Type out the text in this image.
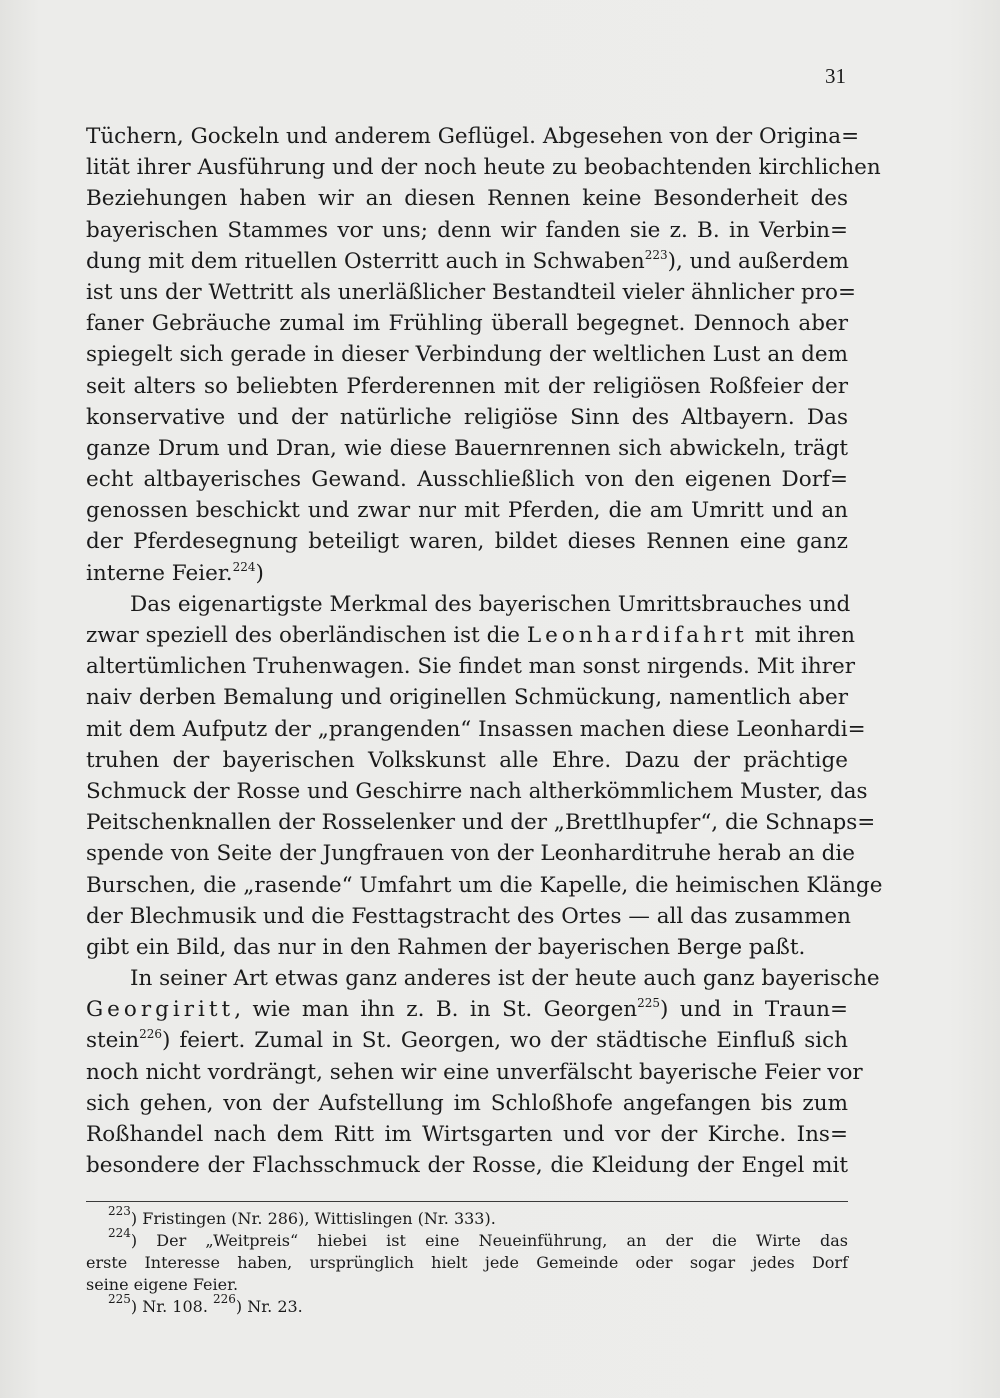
31
Tüchern, Gockeln und anderem Geflügel. Abgesehen von der Origina=
lität ihrer Ausführung und der noch heute zu beobachtenden kirchlichen
Beziehungen haben wir an diesen Rennen keine Besonderheit des
bayerischen Stammes vor uns; denn wir fanden sie z. B. in Verbin=
dung mit dem rituellen Osterritt auch in Schwaben$^{223}$), und außerdem
ist uns der Wettritt als unerläßlicher Bestandteil vieler ähnlicher pro=
faner Gebräuche zumal im Frühling überall begegnet. Dennoch aber
spiegelt sich gerade in dieser Verbindung der weltlichen Lust an dem
seit alters so beliebten Pferderennen mit der religiösen Roßfeier der
konservative und der natürliche religiöse Sinn des Altbayern. Das
ganze Drum und Dran, wie diese Bauernrennen sich abwickeln, trägt
echt altbayerisches Gewand. Ausschließlich von den eigenen Dorf=
genossen beschickt und zwar nur mit Pferden, die am Umritt und an
der Pferdesegnung beteiligt waren, bildet dieses Rennen eine ganz
interne Feier.$^{224}$)
Das eigenartigste Merkmal des bayerischen Umrittsbrauches und
zwar speziell des oberländischen ist die Leonhardifahrt mit ihren
altertümlichen Truhenwagen. Sie findet man sonst nirgends. Mit ihrer
naiv derben Bemalung und originellen Schmückung, namentlich aber
mit dem Aufputz der „prangenden“ Insassen machen diese Leonhardi=
truhen der bayerischen Volkskunst alle Ehre. Dazu der prächtige
Schmuck der Rosse und Geschirre nach altherkömmlichem Muster, das
Peitschenknallen der Rosselenker und der „Brettlhupfer“, die Schnaps=
spende von Seite der Jungfrauen von der Leonharditruhe herab an die
Burschen, die „rasende“ Umfahrt um die Kapelle, die heimischen Klänge
der Blechmusik und die Festtagstracht des Ortes — all das zusammen
gibt ein Bild, das nur in den Rahmen der bayerischen Berge paßt.
In seiner Art etwas ganz anderes ist der heute auch ganz bayerische
Georgiritt, wie man ihn z. B. in St. Georgen$^{225}$) und in Traun=
stein$^{226}$) feiert. Zumal in St. Georgen, wo der städtische Einfluß sich
noch nicht vordrängt, sehen wir eine unverfälscht bayerische Feier vor
sich gehen, von der Aufstellung im Schloßhofe angefangen bis zum
Roßhandel nach dem Ritt im Wirtsgarten und vor der Kirche. Ins=
besondere der Flachsschmuck der Rosse, die Kleidung der Engel mit
$^{223}$) Fristingen (Nr. 286), Wittislingen (Nr. 333).
$^{224}$) Der „Weitpreis“ hiebei ist eine Neueinführung, an der die Wirte das
erste Interesse haben, ursprünglich hielt jede Gemeinde oder sogar jedes Dorf
seine eigene Feier.
$^{225}$) Nr. 108. $^{226}$) Nr. 23.
